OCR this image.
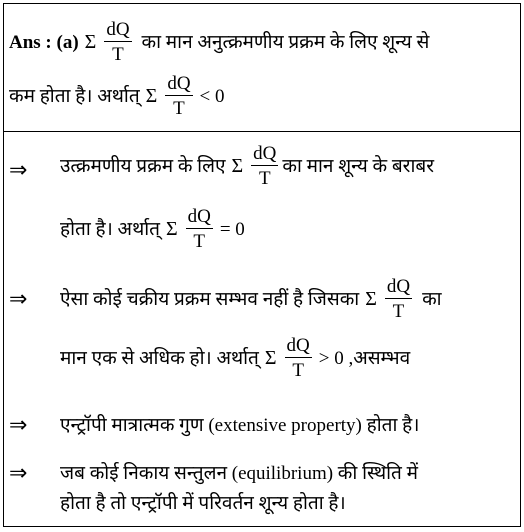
Ans : (a) Σ $\frac{dQ}{T}$ का मान अनुत्क्रमणीय प्रक्रम के लिए शून्य से
कम होता है। अर्थात् Σ $\frac{dQ}{T} < 0$
⇒ उत्क्रमणीय प्रक्रम के लिए Σ $\frac{dQ}{T}$ का मान शून्य के बराबर
होता है। अर्थात् Σ $\frac{dQ}{T} = 0$
⇒ ऐसा कोई चक्रीय प्रक्रम सम्भव नहीं है जिसका Σ $\frac{dQ}{T}$ का
मान एक से अधिक हो। अर्थात् Σ $\frac{dQ}{T} > 0$ ,असम्भव
⇒ एन्ट्रॉपी मात्रात्मक गुण (extensive property) होता है।
⇒ जब कोई निकाय सन्तुलन (equilibrium) की स्थिति में
होता है तो एन्ट्रॉपी में परिवर्तन शून्य होता है।
